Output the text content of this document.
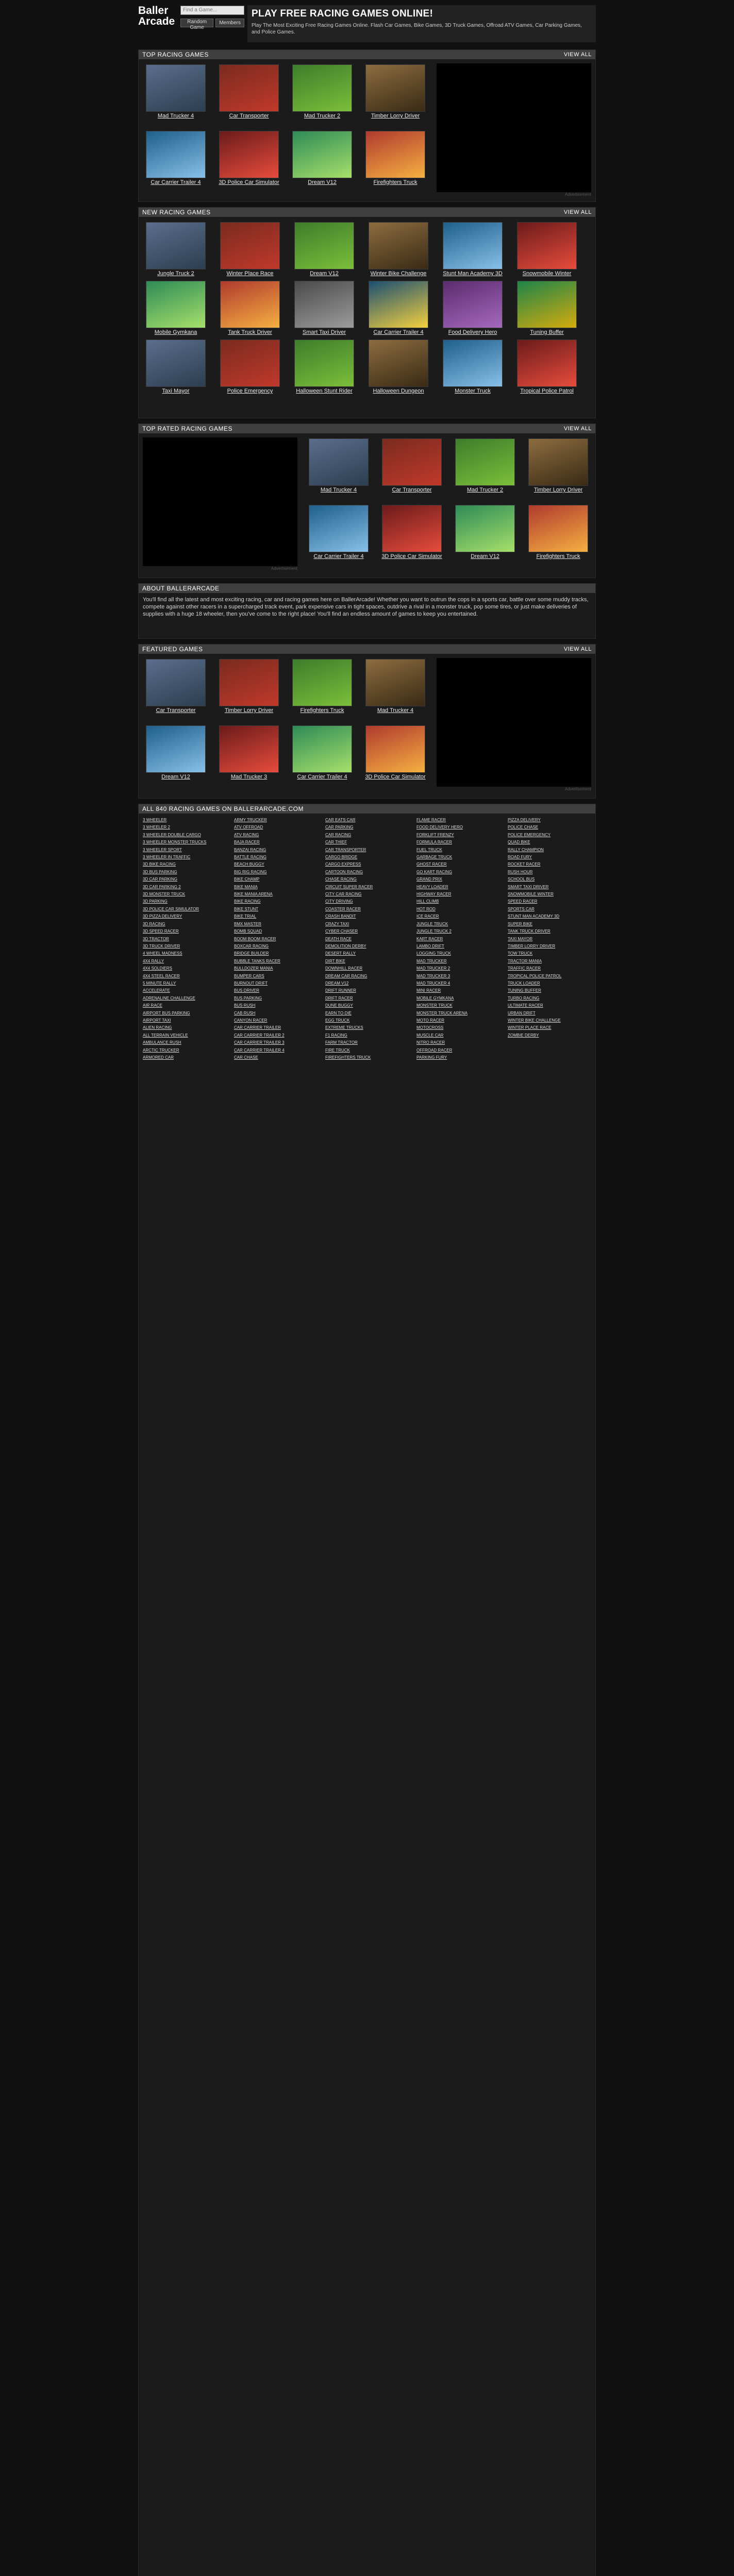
Baller
Arcade
Find a Game...	Random Game
Members
PLAY FREE RACING GAMES ONLINE!
Play The Most Exciting Free Racing Games Online. Flash Car Games, Bike Games, 3D Truck Games, Offroad ATV Games, Car Parking Games, and Police Games.
TOP RACING GAMES	VIEW ALL
Mad Trucker 4	Car Transporter	Mad Trucker 2	Timber Lorry Driver
Car Carrier Trailer 4	3D Police Car Simulator	Dream V12	Firefighters Truck
Advertisement
NEW RACING GAMES	VIEW ALL
Jungle Truck 2	Winter Place Race	Dream V12	Winter Bike Challenge	Stunt Man Academy 3D	Snowmobile Winter
Mobile Gymkana	Tank Truck Driver	Smart Taxi Driver	Car Carrier Trailer 4	Food Delivery Hero	Tuning Buffer
Taxi Mayor	Police Emergency	Halloween Stunt Rider	Halloween Dungeon	Monster Truck	Tropical Police Patrol
TOP RATED RACING GAMES	VIEW ALL
Advertisement
Mad Trucker 4	Car Transporter	Mad Trucker 2	Timber Lorry Driver
Car Carrier Trailer 4	3D Police Car Simulator	Dream V12	Firefighters Truck
ABOUT BALLERARCADE
You'll find all the latest and most exciting racing, car and racing games here on BallerArcade! Whether you want to outrun the cops in a sports car, battle over some muddy tracks, compete against other racers in a supercharged track event, park expensive cars in tight spaces, outdrive a rival in a monster truck, pop some tires, or just make deliveries of supplies with a huge 18 wheeler, then you've come to the right place! You'll find an endless amount of games to keep you entertained.
FEATURED GAMES	VIEW ALL
Car Transporter	Timber Lorry Driver	Firefighters Truck	Mad Trucker 4
Dream V12	Mad Trucker 3	Car Carrier Trailer 4	3D Police Car Simulator
Advertisement
ALL 840 RACING GAMES ON BALLERARCADE.COM
3 WHEELER
3 WHEELER 2
3 WHEELER DOUBLE CARGO
3 WHEELER MONSTER TRUCKS
3 WHEELER SPORT
3 WHEELER IN TRAFFIC
3D BIKE RACING
3D BUS PARKING
3D CAR PARKING
3D CAR PARKING 2
3D MONSTER TRUCK
3D PARKING
3D POLICE CAR SIMULATOR
3D PIZZA DELIVERY
3D RACING
3D SPEED RACER
3D TRACTOR
3D TRUCK DRIVER
4 WHEEL MADNESS
4X4 RALLY
4X4 SOLDIERS
4X4 STEEL RACER
5 MINUTE RALLY
ACCELERATE
ADRENALINE CHALLENGE
AIR RACE
AIRPORT BUS PARKING
AIRPORT TAXI
ALIEN RACING
ALL TERRAIN VEHICLE
AMBULANCE RUSH
ARCTIC TRUCKER
ARMORED CAR
ARMY TRUCKER
ATV OFFROAD
ATV RACING
BAJA RACER
BANZAI RACING
BATTLE RACING
BEACH BUGGY
BIG RIG RACING
BIKE CHAMP
BIKE MANIA
BIKE MANIA ARENA
BIKE RACING
BIKE STUNT
BIKE TRIAL
BMX MASTER
BOMB SQUAD
BOOM BOOM RACER
BOXCAR RACING
BRIDGE BUILDER
BUBBLE TANKS RACER
BULLDOZER MANIA
BUMPER CARS
BURNOUT DRIFT
BUS DRIVER
BUS PARKING
BUS RUSH
CAB RUSH
CANYON RACER
CAR CARRIER TRAILER
CAR CARRIER TRAILER 2
CAR CARRIER TRAILER 3
CAR CARRIER TRAILER 4
CAR CHASE
CAR EATS CAR
CAR PARKING
CAR RACING
CAR THIEF
CAR TRANSPORTER
CARGO BRIDGE
CARGO EXPRESS
CARTOON RACING
CHASE RACING
CIRCUIT SUPER RACER
CITY CAR RACING
CITY DRIVING
COASTER RACER
CRASH BANDIT
CRAZY TAXI
CYBER CHASER
DEATH RACE
DEMOLITION DERBY
DESERT RALLY
DIRT BIKE
DOWNHILL RACER
DREAM CAR RACING
DREAM V12
DRIFT RUNNER
DRIFT RACER
DUNE BUGGY
EARN TO DIE
EGG TRUCK
EXTREME TRUCKS
F1 RACING
FARM TRACTOR
FIRE TRUCK
FIREFIGHTERS TRUCK
FLAME RACER
FOOD DELIVERY HERO
FORKLIFT FRENZY
FORMULA RACER
FUEL TRUCK
GARBAGE TRUCK
GHOST RACER
GO KART RACING
GRAND PRIX
HEAVY LOADER
HIGHWAY RACER
HILL CLIMB
HOT ROD
ICE RACER
JUNGLE TRUCK
JUNGLE TRUCK 2
KART RACER
LAMBO DRIFT
LOGGING TRUCK
MAD TRUCKER
MAD TRUCKER 2
MAD TRUCKER 3
MAD TRUCKER 4
MINI RACER
MOBILE GYMKANA
MONSTER TRUCK
MONSTER TRUCK ARENA
MOTO RACER
MOTOCROSS
MUSCLE CAR
NITRO RACER
OFFROAD RACER
PARKING FURY
PIZZA DELIVERY
POLICE CHASE
POLICE EMERGENCY
QUAD BIKE
RALLY CHAMPION
ROAD FURY
ROCKET RACER
RUSH HOUR
SCHOOL BUS
SMART TAXI DRIVER
SNOWMOBILE WINTER
SPEED RACER
SPORTS CAR
STUNT MAN ACADEMY 3D
SUPER BIKE
TANK TRUCK DRIVER
TAXI MAYOR
TIMBER LORRY DRIVER
TOW TRUCK
TRACTOR MANIA
TRAFFIC RACER
TROPICAL POLICE PATROL
TRUCK LOADER
TUNING BUFFER
TURBO RACING
ULTIMATE RACER
URBAN DRIFT
WINTER BIKE CHALLENGE
WINTER PLACE RACE
ZOMBIE DERBY
